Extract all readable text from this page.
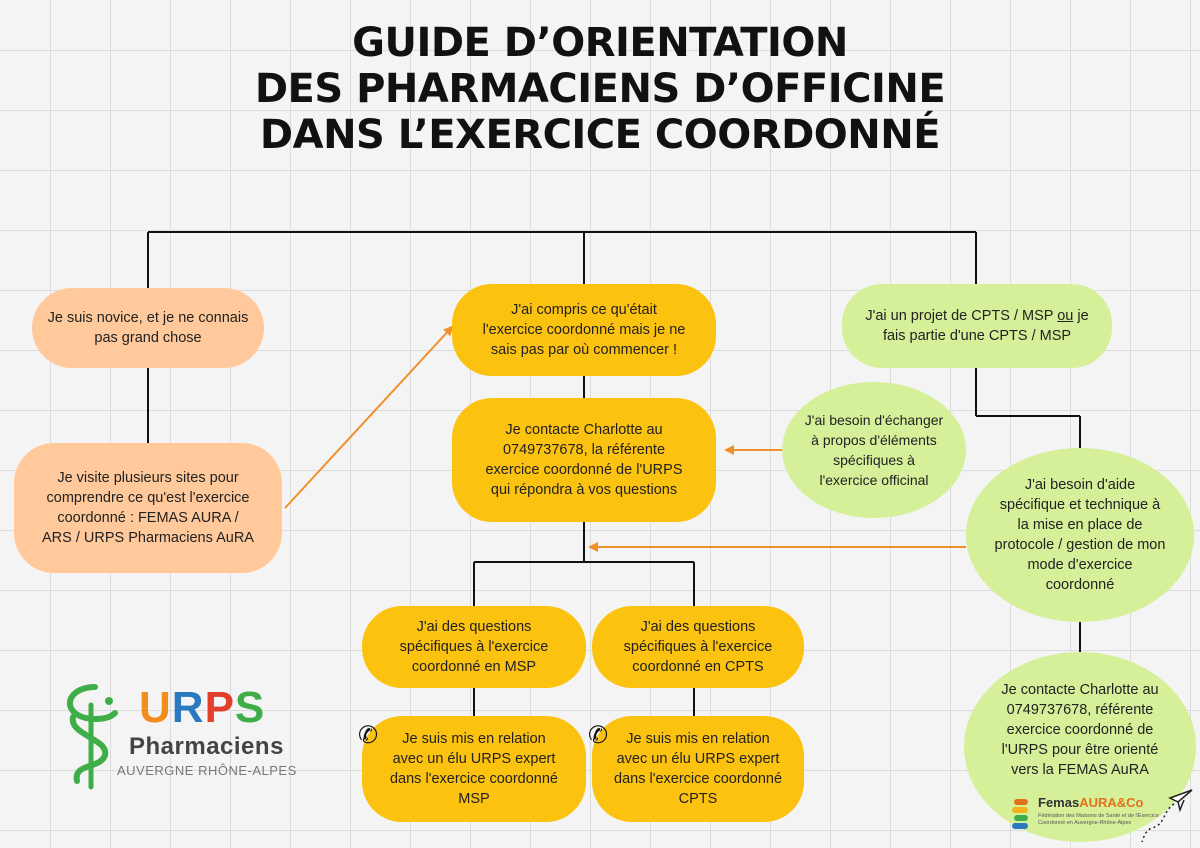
GUIDE D’ORIENTATION
DES PHARMACIENS D’OFFICINE
DANS L’EXERCICE COORDONNÉ
Je suis novice, et je ne connais pas grand chose
Je visite plusieurs sites pour comprendre ce qu'est l'exercice coordonné : FEMAS AURA / ARS / URPS Pharmaciens AuRA
J'ai compris ce qu'était l'exercice coordonné mais je ne sais pas par où commencer !
Je contacte Charlotte au 0749737678, la référente exercice coordonné de l'URPS qui répondra à vos questions
J'ai des questions spécifiques à l'exercice coordonné en MSP
J'ai des questions spécifiques à l'exercice coordonné en CPTS
Je suis mis en relation avec un élu URPS expert dans l'exercice coordonné MSP
Je suis mis en relation avec un élu URPS expert dans l'exercice coordonné CPTS
✆	✆
J'ai un projet de CPTS / MSP ou je fais partie d'une CPTS / MSP
J'ai besoin d'échanger à propos d'éléments spécifiques à l'exercice officinal	J'ai besoin d'aide spécifique et technique à la mise en place de protocole / gestion de mon mode d'exercice coordonné
Je contacte Charlotte au 0749737678, référente exercice coordonné de l'URPS pour être orienté vers la FEMAS AuRA
URPS
Pharmaciens
AUVERGNE RHÔNE-ALPES
FemasAURA&Co
Fédération des Maisons de Santé et de l'Exercice Coordonné en Auvergne-Rhône-Alpes
